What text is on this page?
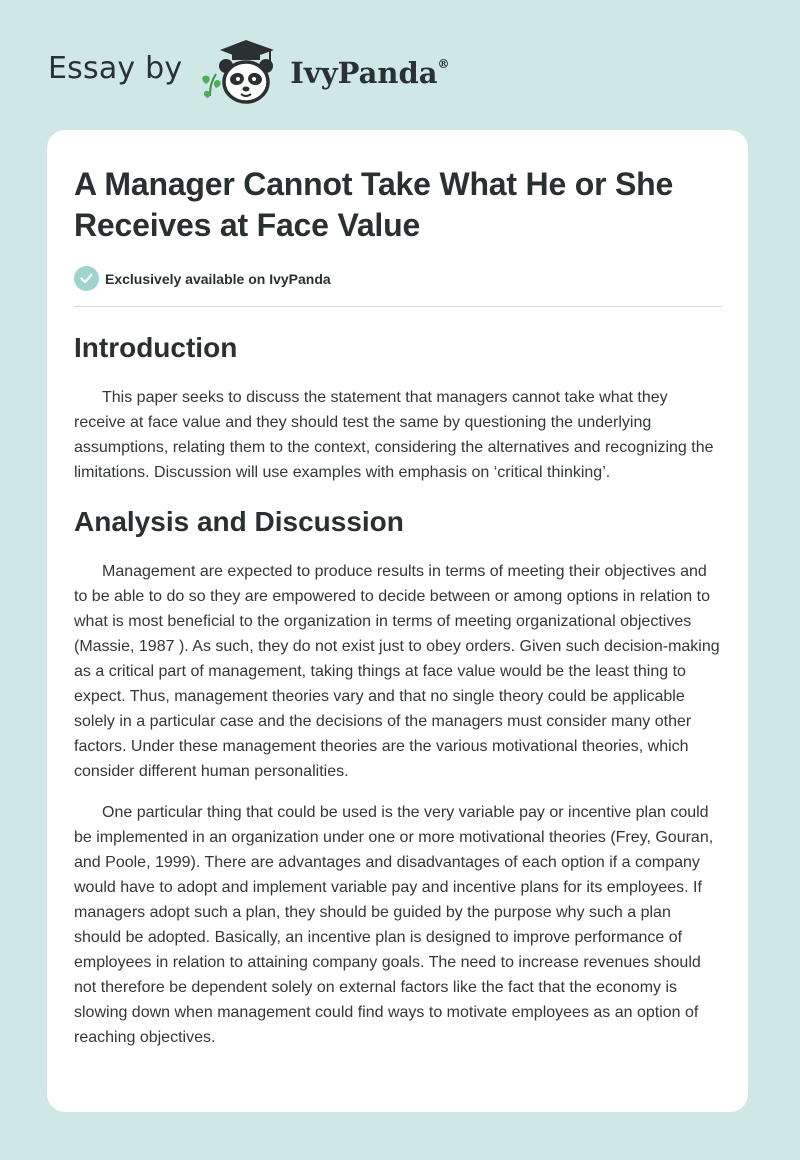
Essay by	IvyPanda®
A Manager Cannot Take What He or She Receives at Face Value
Exclusively available on IvyPanda
Introduction

This paper seeks to discuss the statement that managers cannot take what they receive at face value and they should test the same by questioning the underlying assumptions, relating them to the context, considering the alternatives and recognizing the limitations. Discussion will use examples with emphasis on ‘critical thinking’.

Analysis and Discussion

Management are expected to produce results in terms of meeting their objectives and to be able to do so they are empowered to decide between or among options in relation to what is most beneficial to the organization in terms of meeting organizational objectives (Massie, 1987 ). As such, they do not exist just to obey orders. Given such decision-making as a critical part of management, taking things at face value would be the least thing to expect. Thus, management theories vary and that no single theory could be applicable solely in a particular case and the decisions of the managers must consider many other factors. Under these management theories are the various motivational theories, which consider different human personalities.

One particular thing that could be used is the very variable pay or incentive plan could be implemented in an organization under one or more motivational theories (Frey, Gouran, and Poole, 1999). There are advantages and disadvantages of each option if a company would have to adopt and implement variable pay and incentive plans for its employees. If managers adopt such a plan, they should be guided by the purpose why such a plan should be adopted. Basically, an incentive plan is designed to improve performance of employees in relation to attaining company goals. The need to increase revenues should not therefore be dependent solely on external factors like the fact that the economy is slowing down when management could find ways to motivate employees as an option of reaching objectives.
